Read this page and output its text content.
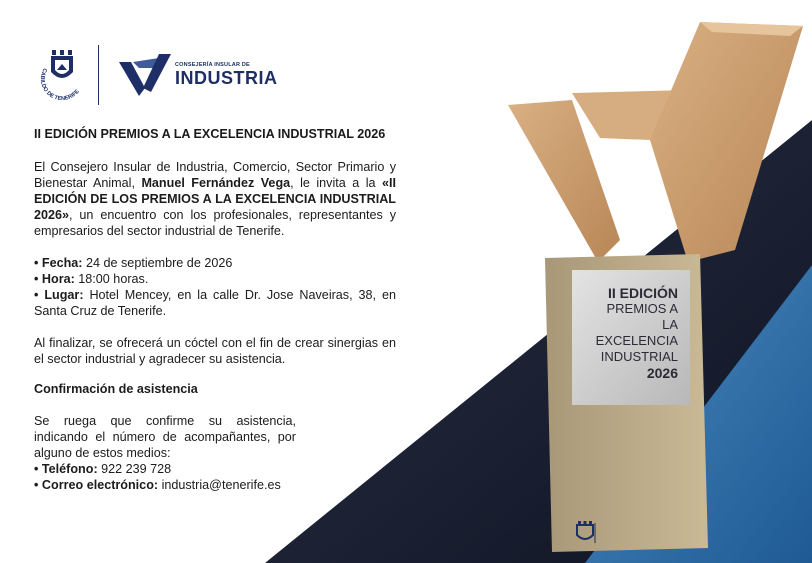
II EDICIÓN
PREMIOS A LA
EXCELENCIA
INDUSTRIAL
2026
CABILDO DE TENERIFE
CONSEJERÍA INSULAR DE
INDUSTRIA
II EDICIÓN PREMIOS A LA EXCELENCIA INDUSTRIAL 2026

El Consejero Insular de Industria, Comercio, Sector Primario y Bienestar Animal, Manuel Fernández Vega, le invita a la «II EDICIÓN DE LOS PREMIOS A LA EXCELENCIA INDUSTRIAL 2026», un encuentro con los profesionales, representantes y empresarios del sector industrial de Tenerife.

• Fecha: 24 de septiembre de 2026

• Hora: 18:00 horas.

• Lugar: Hotel Mencey, en la calle Dr. Jose Naveiras, 38, en Santa Cruz de Tenerife.

Al finalizar, se ofrecerá un cóctel con el fin de crear sinergias en el sector industrial y agradecer su asistencia.

Confirmación de asistencia

Se ruega que confirme su asistencia, indicando el número de acompañantes, por alguno de estos medios:

• Teléfono: 922 239 728

• Correo electrónico: industria@tenerife.es
